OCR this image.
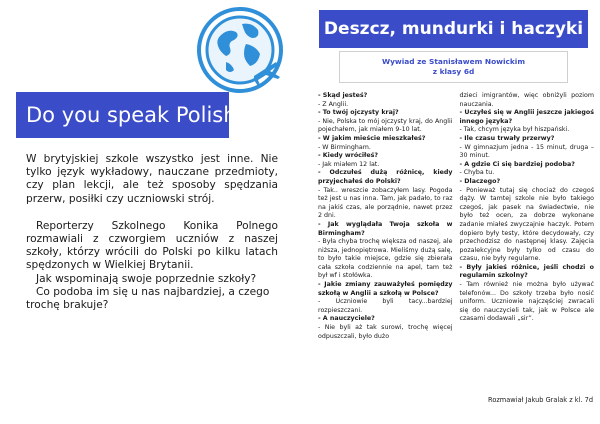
Do you speak Polish?

W brytyjskiej szkole wszystko jest inne. Nie tylko język wykładowy, nauczane przedmioty, czy plan lekcji, ale też sposoby spędzania przerw, posiłki czy uczniowski strój.

Reporterzy Szkolnego Konika Polnego rozmawiali z czworgiem uczniów z naszej szkoły, którzy wrócili do Polski po kilku latach spędzonych w Wielkiej Brytanii.
Jak wspominają swoje poprzednie szkoły?
Co podoba im się u nas najbardziej, a czego trochę brakuje?

Deszcz, mundurki i haczyki
Wywiad ze Stanisławem Nowickim
z klasy 6d
- Skąd jesteś?
- Z Anglii.
- To twój ojczysty kraj?
- Nie, Polska to mój ojczysty kraj, do Anglii pojechałem, jak miałem 9-10 lat.
- W jakim mieście mieszkałeś?
- W Birmingham.
- Kiedy wróciłeś?
- Jak miałem 12 lat.
- Odczułeś dużą różnicę, kiedy przyjechałeś do Polski?
- Tak.. wreszcie zobaczyłem lasy. Pogoda też jest u nas inna. Tam, jak padało, to raz na jakiś czas, ale porządnie, nawet przez 2 dni.
- Jak wyglądała Twoja szkoła w Birmingham?
- Była chyba trochę większa od naszej, ale niższa, jednopiętrowa. Mieliśmy dużą salę, to było takie miejsce, gdzie się zbierała cała szkoła codziennie na apel, tam też był wf i stołówka.
- Jakie zmiany zauważyłeś pomiędzy szkołą w Anglii a szkołą w Polsce?
- Uczniowie byli tacy...bardziej rozpieszczani.
- A nauczyciele?
- Nie byli aż tak surowi, trochę więcej odpuszczali, było dużo
dzieci imigrantów, więc obniżyli poziom nauczania.
- Uczyłeś się w Anglii jeszcze jakiegoś innego języka?
- Tak, chcym języka był hiszpański.
- Ile czasu trwały przerwy?
- W gimnazjum jedna - 15 minut, druga – 30 minut.
- A gdzie Ci się bardziej podoba?
- Chyba tu.
- Dlaczego?
- Ponieważ tutaj się chociaż do czegoś dąży. W tamtej szkole nie było takiego czegoś, jak pasek na świadectwie, nie było też ocen, za dobrze wykonane zadanie miałeś zwyczajnie haczyk. Potem dopiero były testy, które decydowały, czy przechodzisz do następnej klasy. Zajęcia pozalekcyjne były tylko od czasu do czasu, nie były regularne.
- Były jakieś różnice, jeśli chodzi o regulamin szkolny?
- Tam również nie można było używać telefonów... Do szkoły trzeba było nosić uniform. Uczniowie najczęściej zwracali się do nauczycieli tak, jak w Polsce ale czasami dodawali „sir”.
Rozmawiał Jakub Gralak z kl. 7d
